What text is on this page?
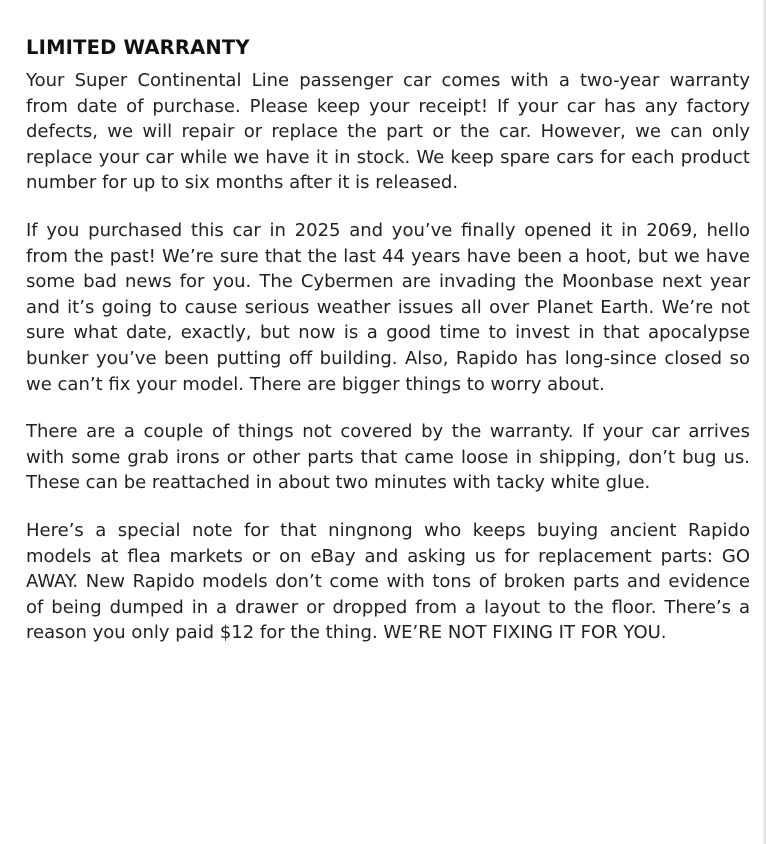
LIMITED WARRANTY

Your Super Continental Line passenger car comes with a two-year warranty from date of purchase. Please keep your receipt! If your car has any factory defects, we will repair or replace the part or the car. However, we can only replace your car while we have it in stock. We keep spare cars for each product number for up to six months after it is released.

If you purchased this car in 2025 and you’ve finally opened it in 2069, hello from the past! We’re sure that the last 44 years have been a hoot, but we have some bad news for you. The Cybermen are invading the Moonbase next year and it’s going to cause serious weather issues all over Planet Earth. We’re not sure what date, exactly, but now is a good time to invest in that apocalypse bunker you’ve been putting off building. Also, Rapido has long-since closed so we can’t fix your model. There are bigger things to worry about.

There are a couple of things not covered by the warranty. If your car arrives with some grab irons or other parts that came loose in shipping, don’t bug us. These can be reattached in about two minutes with tacky white glue.

Here’s a special note for that ningnong who keeps buying ancient Rapido models at flea markets or on eBay and asking us for replacement parts: GO AWAY. New Rapido models don’t come with tons of broken parts and evidence of being dumped in a drawer or dropped from a layout to the floor. There’s a reason you only paid $12 for the thing. WE’RE NOT FIXING IT FOR YOU.
